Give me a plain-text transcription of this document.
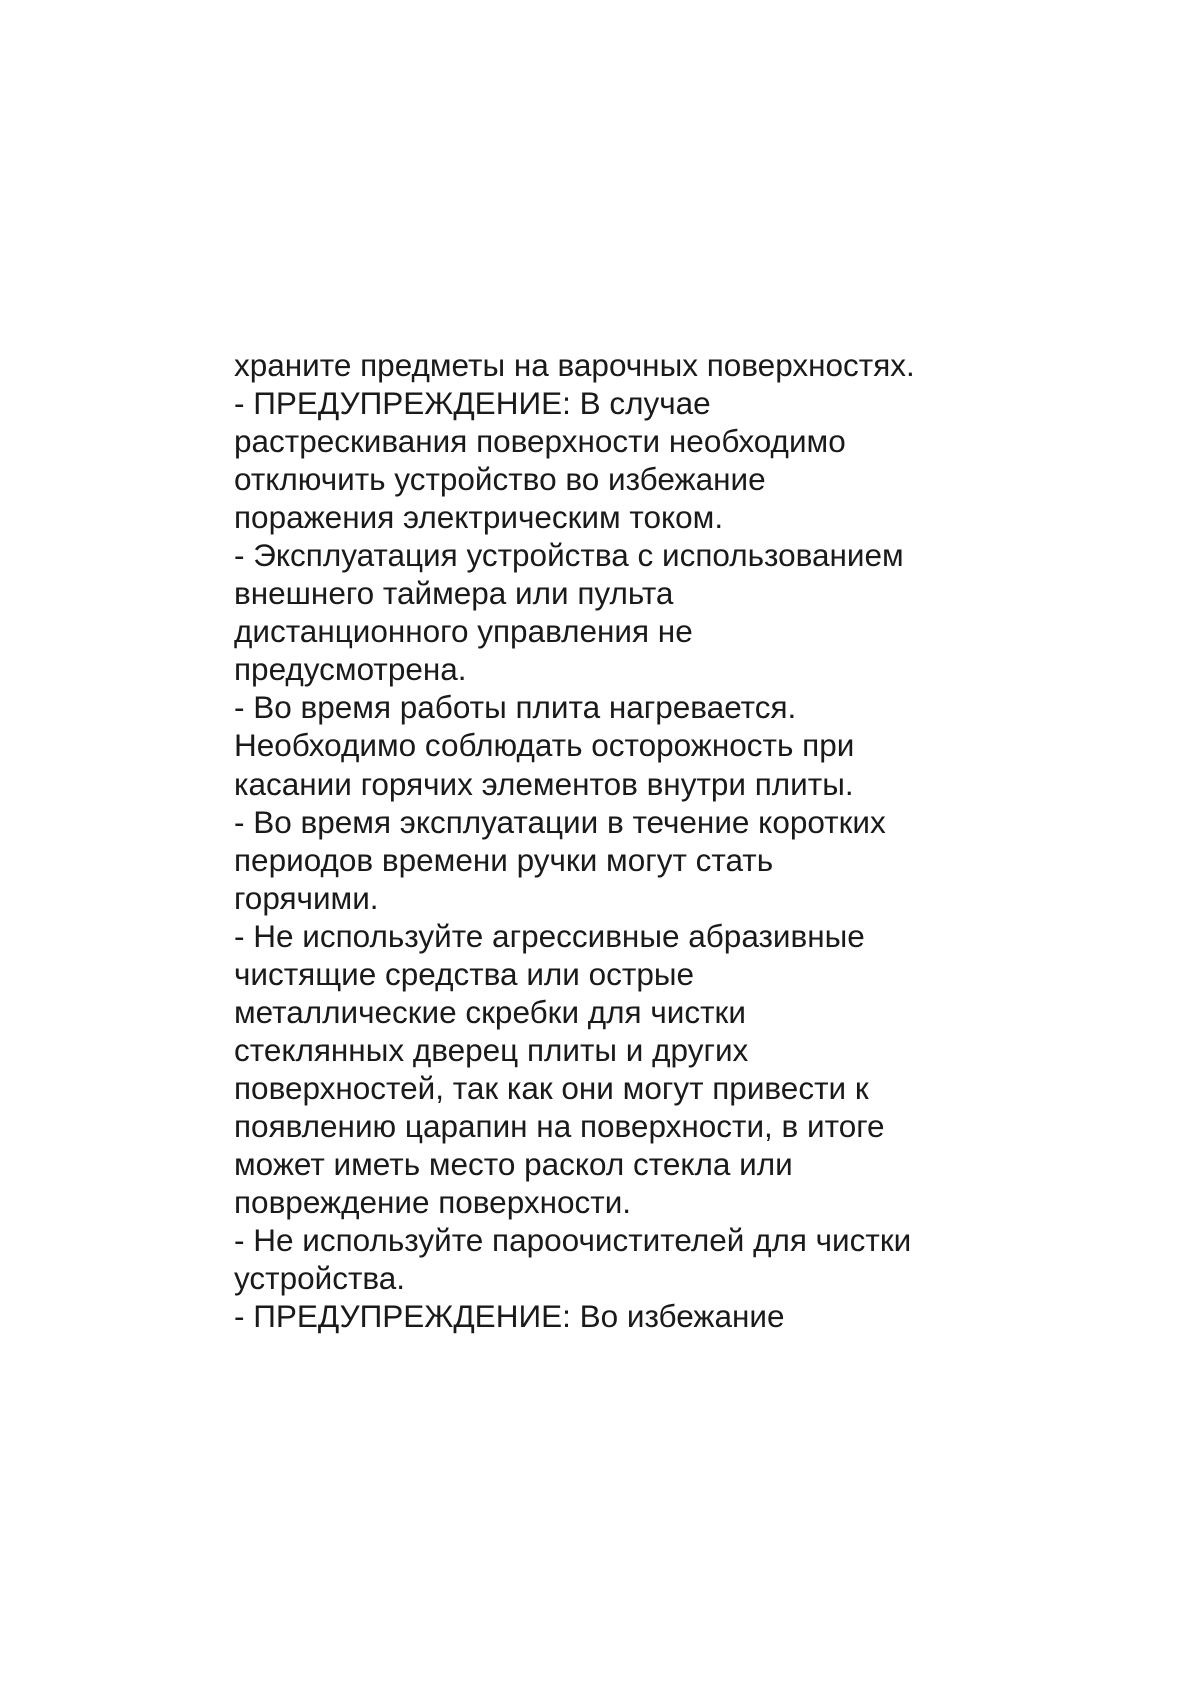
храните предметы на варочных поверхностях.
- ПРЕДУПРЕЖДЕНИЕ: В случае
растрескивания поверхности необходимо
отключить устройство во избежание
поражения электрическим током.
- Эксплуатация устройства с использованием
внешнего таймера или пульта
дистанционного управления не
предусмотрена.
- Во время работы плита нагревается.
Необходимо соблюдать осторожность при
касании горячих элементов внутри плиты.
- Во время эксплуатации в течение коротких
периодов времени ручки могут стать
горячими.
- Не используйте агрессивные абразивные
чистящие средства или острые
металлические скребки для чистки
стеклянных дверец плиты и других
поверхностей, так как они могут привести к
появлению царапин на поверхности, в итоге
может иметь место раскол стекла или
повреждение поверхности.
- Не используйте пароочистителей для чистки
устройства.
- ПРЕДУПРЕЖДЕНИЕ: Во избежание
